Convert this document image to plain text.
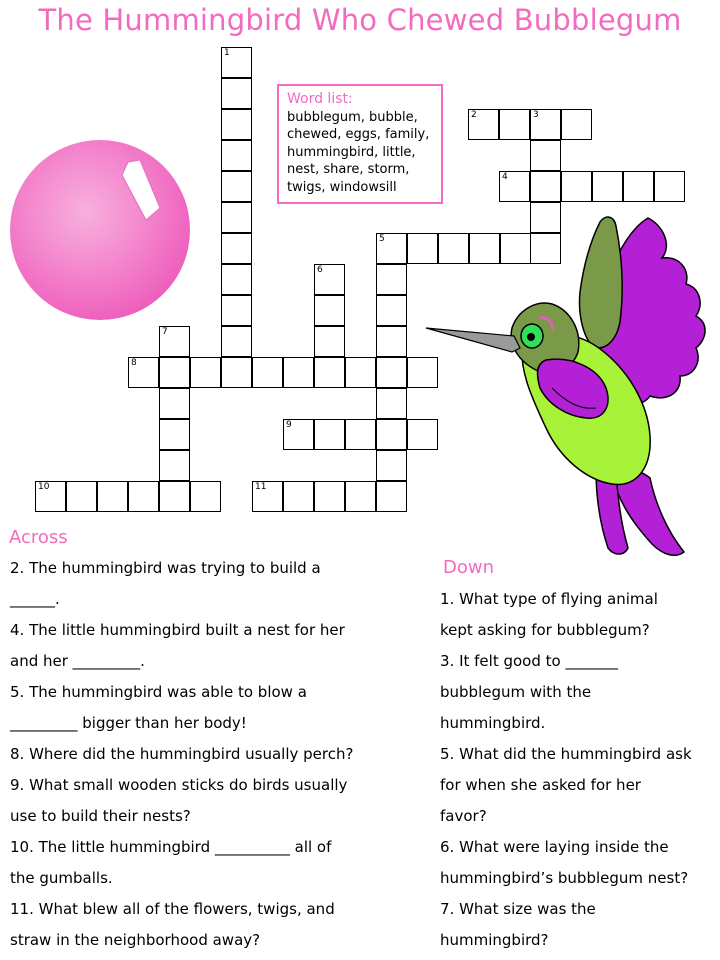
The Hummingbird Who Chewed Bubblegum
1
2	3
4
5
6
7
8
9
10	11
Word list:
bubblegum, bubble,
chewed, eggs, family,
hummingbird, little,
nest, share, storm,
twigs, windowsill
Across
Down

2. The hummingbird was trying to build a

______.

4. The little hummingbird built a nest for her

and her _________.

5. The hummingbird was able to blow a

_________ bigger than her body!

8. Where did the hummingbird usually perch?

9. What small wooden sticks do birds usually

use to build their nests?

10. The little hummingbird __________ all of

the gumballs.

11. What blew all of the flowers, twigs, and

straw in the neighborhood away?

1. What type of flying animal

kept asking for bubblegum?

3. It felt good to _______

bubblegum with the

hummingbird.

5. What did the hummingbird ask

for when she asked for her

favor?

6. What were laying inside the

hummingbird’s bubblegum nest?

7. What size was the

hummingbird?
